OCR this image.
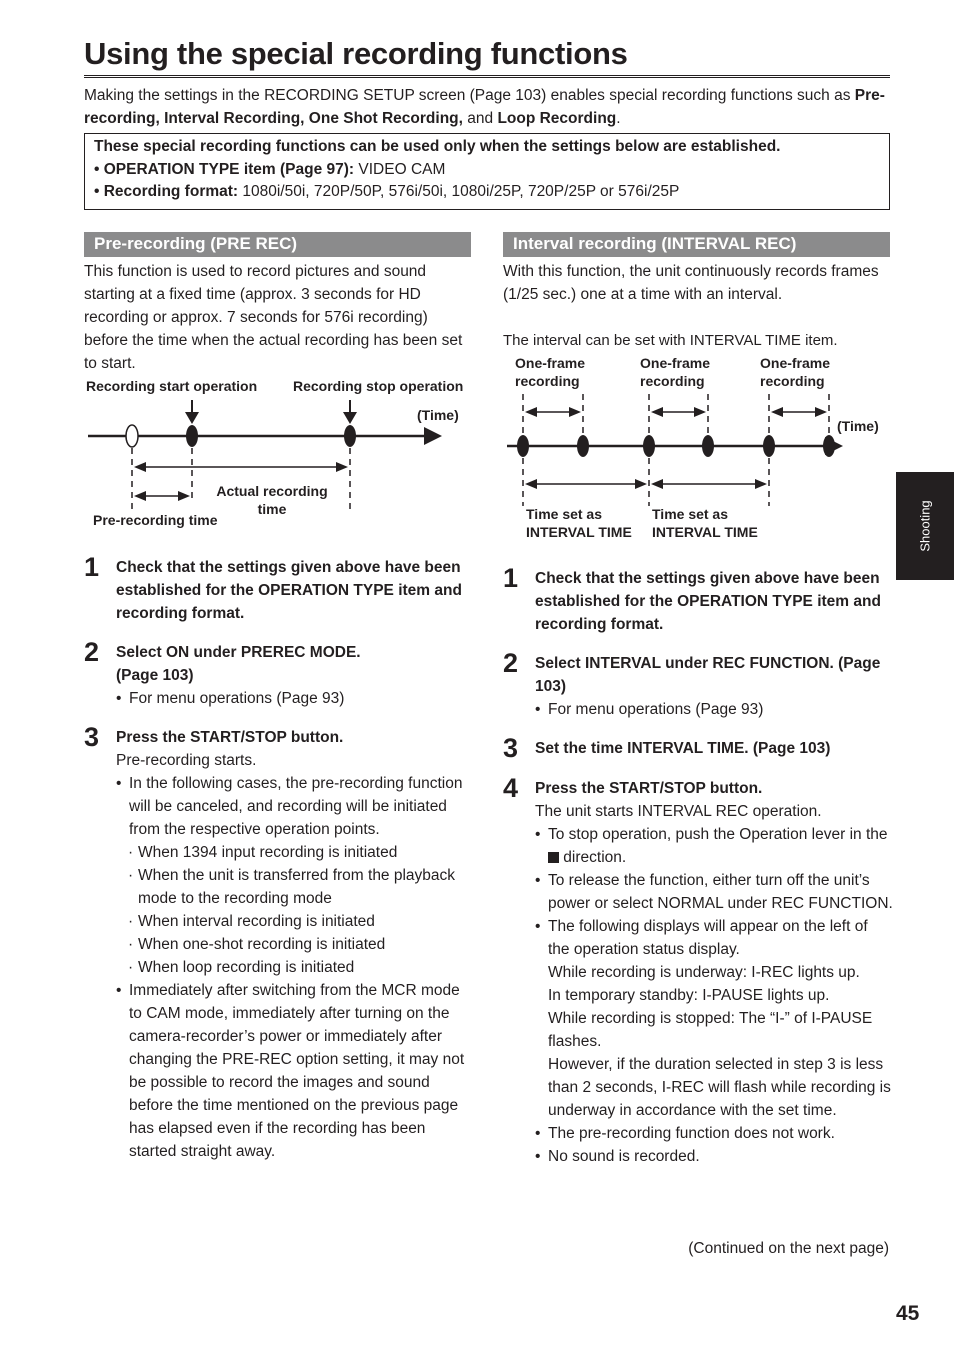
Using the special recording functions
Making the settings in the RECORDING SETUP screen (Page 103) enables special recording functions such as Pre-recording, Interval Recording, One Shot Recording, and Loop Recording.
These special recording functions can be used only when the settings below are established.
• OPERATION TYPE item (Page 97): VIDEO CAM
• Recording format: 1080i/50i, 720P/50P, 576i/50i, 1080i/25P, 720P/25P or 576i/25P
Pre-recording (PRE REC)
This function is used to record pictures and sound starting at a fixed time (approx. 3 seconds for HD recording or approx. 7 seconds for 576i recording) before the time when the actual recording has been set to start.
Recording start operation	Recording stop operation
(Time)
Actual recording
time
Pre-recording time
1	Check that the settings given above have been established for the OPERATION TYPE item and recording format.
2	Select ON under PREREC MODE. (Page 103)
• For menu operations (Page 93)
3	Press the START/STOP button.
Pre-recording starts.
• In the following cases, the pre-recording function will be canceled, and recording will be initiated from the respective operation points.
· When 1394 input recording is initiated
· When the unit is transferred from the playback mode to the recording mode
· When interval recording is initiated
· When one-shot recording is initiated
· When loop recording is initiated
• Immediately after switching from the MCR mode to CAM mode, immediately after turning on the camera-recorder’s power or immediately after changing the PRE-REC option setting, it may not be possible to record the images and sound before the time mentioned on the previous page has elapsed even if the recording has been started straight away.
Interval recording (INTERVAL REC)
With this function, the unit continuously records frames (1/25 sec.) one at a time with an interval.
The interval can be set with INTERVAL TIME item.
One-frame
recording
One-frame
recording
One-frame
recording
(Time)
Time set as
INTERVAL TIME
Time set as
INTERVAL TIME
1	Check that the settings given above have been established for the OPERATION TYPE item and recording format.
2	Select INTERVAL under REC FUNCTION. (Page 103)
• For menu operations (Page 93)
3	Set the time INTERVAL TIME. (Page 103)
4	Press the START/STOP button.
The unit starts INTERVAL REC operation.
• To stop operation, push the Operation lever in the  direction.
• To release the function, either turn off the unit’s power or select NORMAL under REC FUNCTION.
• The following displays will appear on the left of the operation status display.
While recording is underway: I-REC lights up.
In temporary standby: I-PAUSE lights up.
While recording is stopped: The “I-” of I-PAUSE flashes.
However, if the duration selected in step 3 is less than 2 seconds, I-REC will flash while recording is underway in accordance with the set time.
• The pre-recording function does not work.
• No sound is recorded.
(Continued on the next page)
Shooting
45
